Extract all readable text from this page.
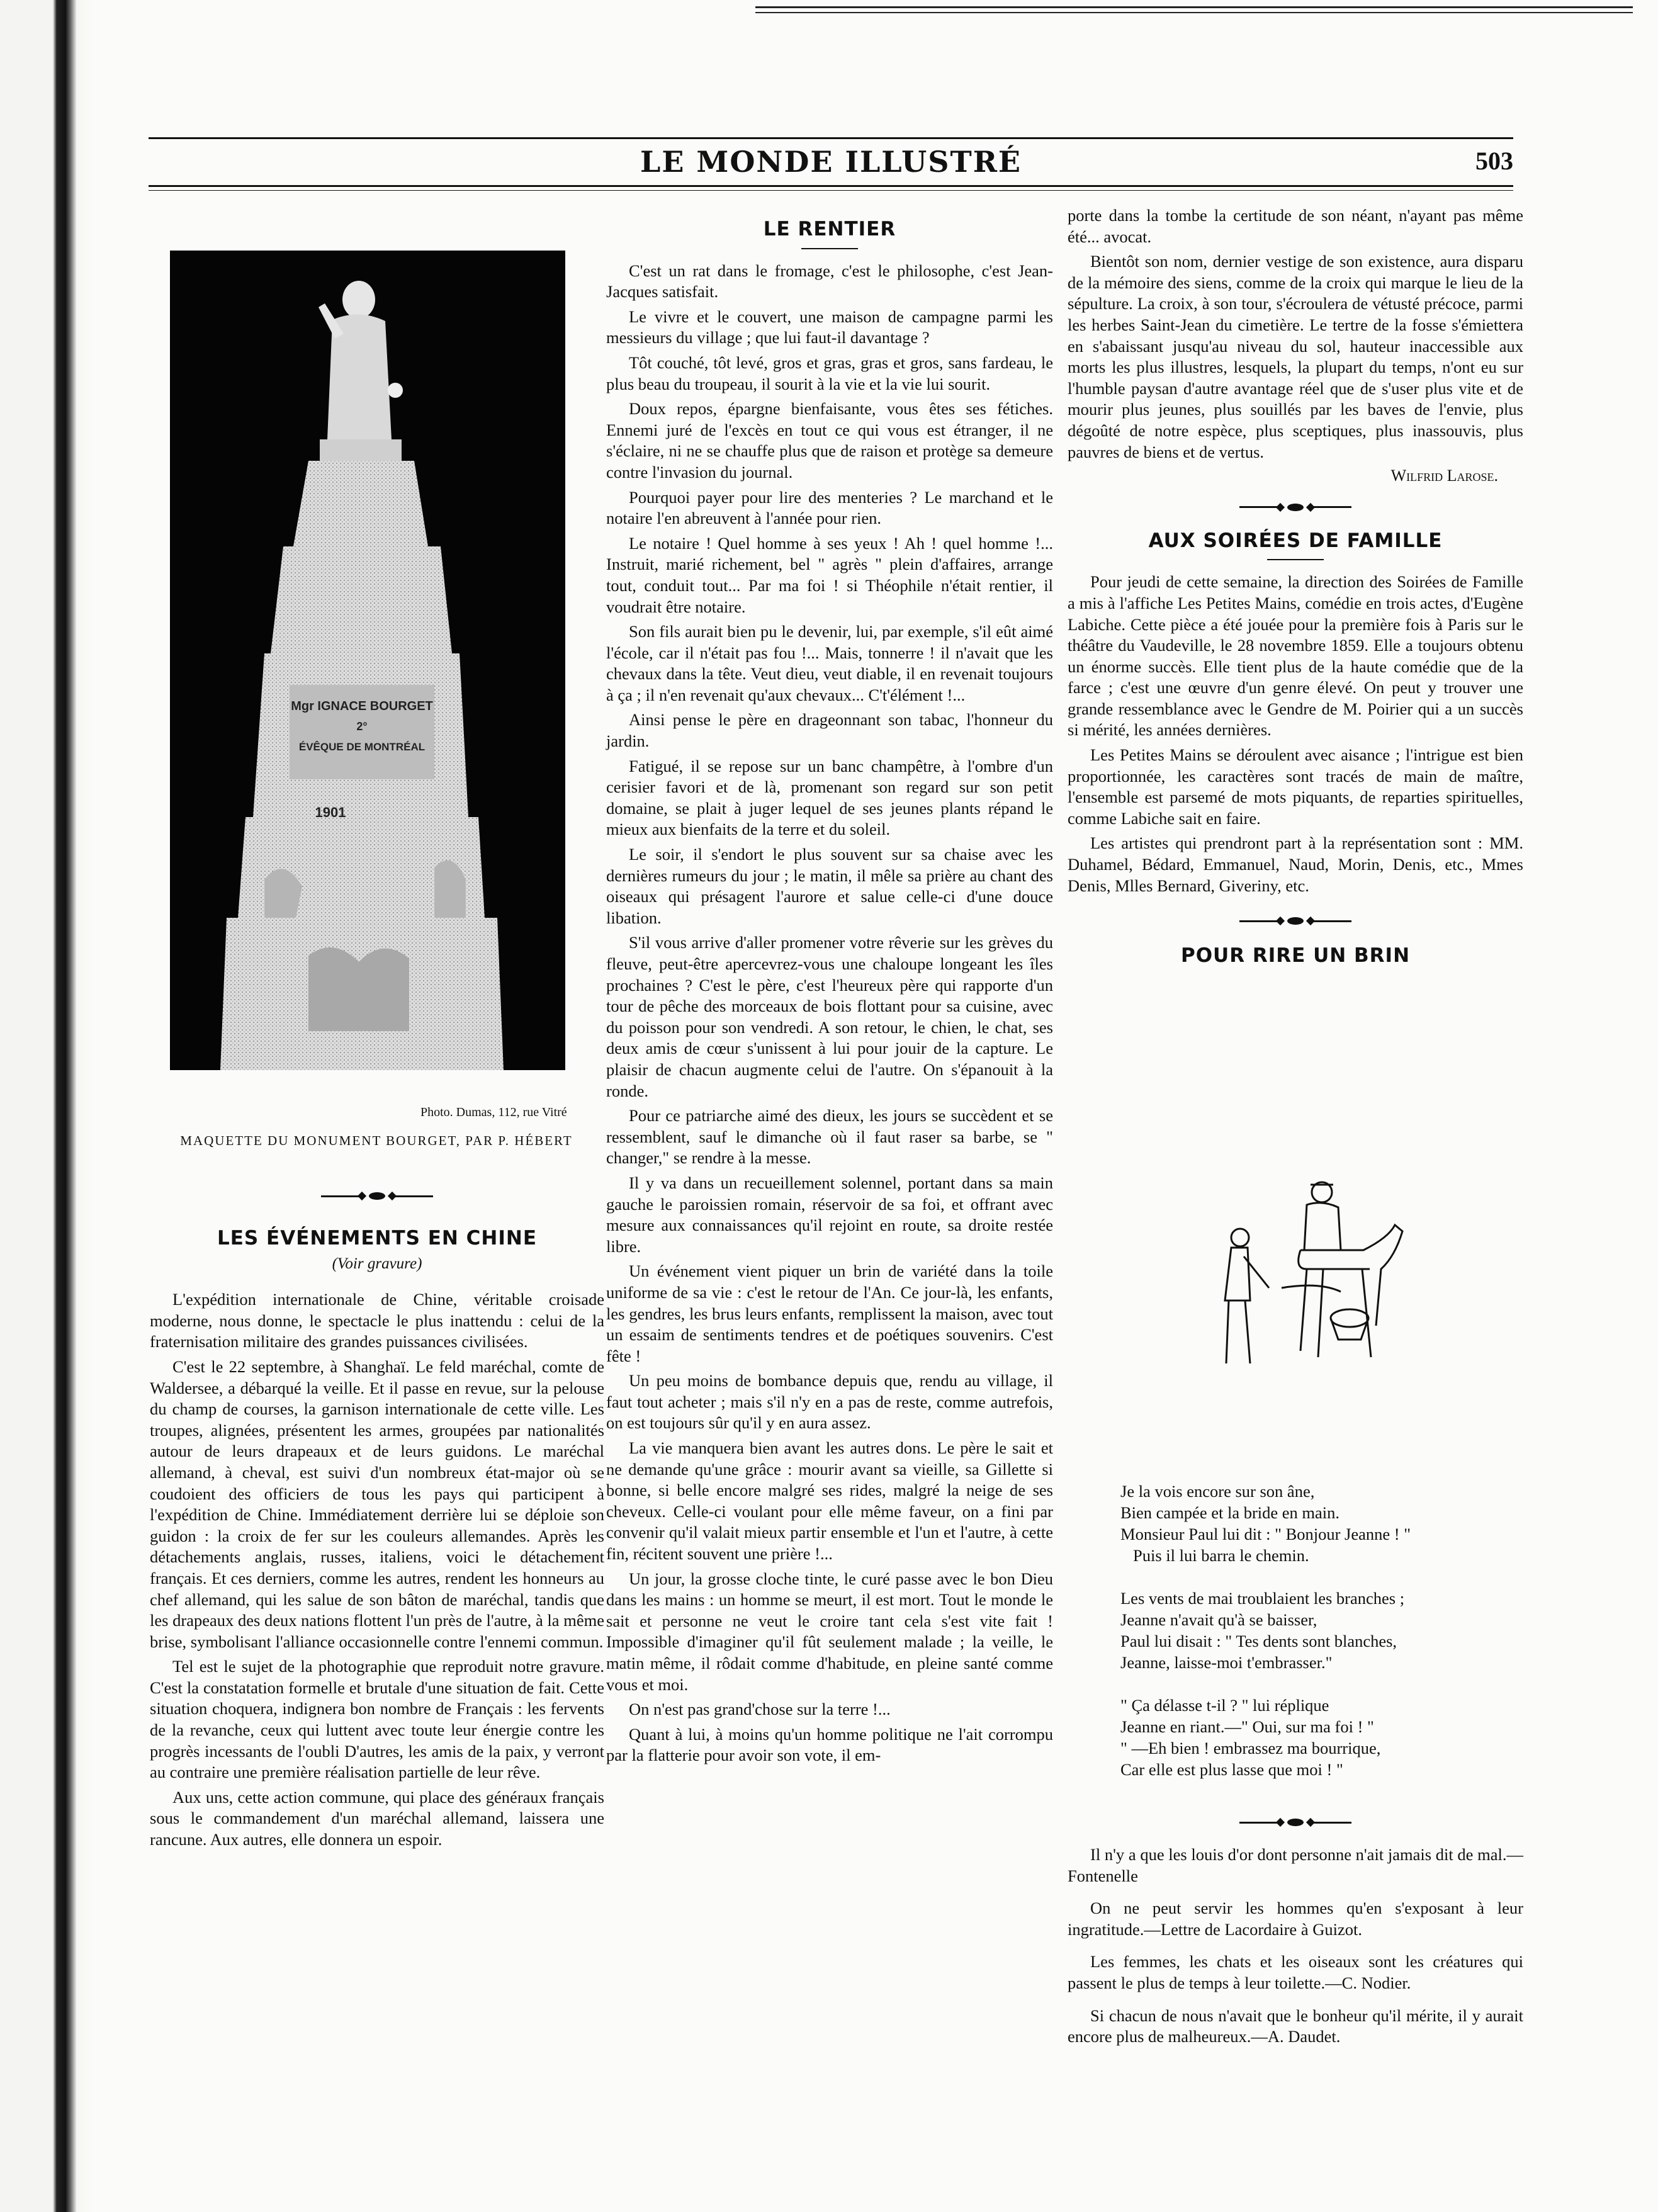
LE MONDE ILLUSTRÉ	503
Mgr IGNACE BOURGET
2°
ÉVÊQUE DE MONTRÉAL
1901
Photo. Dumas, 112, rue Vitré
MAQUETTE DU MONUMENT BOURGET, PAR P. HÉBERT
LES ÉVÉNEMENTS EN CHINE
(Voir gravure)

L'expédition internationale de Chine, véritable croisade moderne, nous donne, le spectacle le plus inattendu : celui de la fraternisation militaire des grandes puissances civilisées.

C'est le 22 septembre, à Shanghaï. Le feld maréchal, comte de Waldersee, a débarqué la veille. Et il passe en revue, sur la pelouse du champ de courses, la garnison internationale de cette ville. Les troupes, alignées, présentent les armes, groupées par nationalités autour de leurs drapeaux et de leurs guidons. Le maréchal allemand, à cheval, est suivi d'un nombreux état-major où se coudoient des officiers de tous les pays qui participent à l'expédition de Chine. Immédiatement derrière lui se déploie son guidon : la croix de fer sur les couleurs allemandes. Après les détachements anglais, russes, italiens, voici le détachement français. Et ces derniers, comme les autres, rendent les honneurs au chef allemand, qui les salue de son bâton de maréchal, tandis que les drapeaux des deux nations flottent l'un près de l'autre, à la même brise, symbolisant l'alliance occasionnelle contre l'ennemi commun.

Tel est le sujet de la photographie que reproduit notre gravure. C'est la constatation formelle et brutale d'une situation de fait. Cette situation choquera, indignera bon nombre de Français : les fervents de la revanche, ceux qui luttent avec toute leur énergie contre les progrès incessants de l'oubli D'autres, les amis de la paix, y verront au contraire une première réalisation partielle de leur rêve.

Aux uns, cette action commune, qui place des généraux français sous le commandement d'un maréchal allemand, laissera une rancune. Aux autres, elle donnera un espoir.

LE RENTIER

C'est un rat dans le fromage, c'est le philosophe, c'est Jean-Jacques satisfait.

Le vivre et le couvert, une maison de campagne parmi les messieurs du village ; que lui faut-il davantage ?

Tôt couché, tôt levé, gros et gras, gras et gros, sans fardeau, le plus beau du troupeau, il sourit à la vie et la vie lui sourit.

Doux repos, épargne bienfaisante, vous êtes ses fétiches. Ennemi juré de l'excès en tout ce qui vous est étranger, il ne s'éclaire, ni ne se chauffe plus que de raison et protège sa demeure contre l'invasion du journal.

Pourquoi payer pour lire des menteries ? Le marchand et le notaire l'en abreuvent à l'année pour rien.

Le notaire ! Quel homme à ses yeux ! Ah ! quel homme !... Instruit, marié richement, bel " agrès " plein d'affaires, arrange tout, conduit tout... Par ma foi ! si Théophile n'était rentier, il voudrait être notaire.

Son fils aurait bien pu le devenir, lui, par exemple, s'il eût aimé l'école, car il n'était pas fou !... Mais, tonnerre ! il n'avait que les chevaux dans la tête. Veut dieu, veut diable, il en revenait toujours à ça ; il n'en revenait qu'aux chevaux... C't'élément !...

Ainsi pense le père en drageonnant son tabac, l'honneur du jardin.

Fatigué, il se repose sur un banc champêtre, à l'ombre d'un cerisier favori et de là, promenant son regard sur son petit domaine, se plait à juger lequel de ses jeunes plants répand le mieux aux bienfaits de la terre et du soleil.

Le soir, il s'endort le plus souvent sur sa chaise avec les dernières rumeurs du jour ; le matin, il mêle sa prière au chant des oiseaux qui présagent l'aurore et salue celle-ci d'une douce libation.

S'il vous arrive d'aller promener votre rêverie sur les grèves du fleuve, peut-être apercevrez-vous une chaloupe longeant les îles prochaines ? C'est le père, c'est l'heureux père qui rapporte d'un tour de pêche des morceaux de bois flottant pour sa cuisine, avec du poisson pour son vendredi. A son retour, le chien, le chat, ses deux amis de cœur s'unissent à lui pour jouir de la capture. Le plaisir de chacun augmente celui de l'autre. On s'épanouit à la ronde.

Pour ce patriarche aimé des dieux, les jours se succèdent et se ressemblent, sauf le dimanche où il faut raser sa barbe, se " changer," se rendre à la messe.

Il y va dans un recueillement solennel, portant dans sa main gauche le paroissien romain, réservoir de sa foi, et offrant avec mesure aux connaissances qu'il rejoint en route, sa droite restée libre.

Un événement vient piquer un brin de variété dans la toile uniforme de sa vie : c'est le retour de l'An. Ce jour-là, les enfants, les gendres, les brus leurs enfants, remplissent la maison, avec tout un essaim de sentiments tendres et de poétiques souvenirs. C'est fête !

Un peu moins de bombance depuis que, rendu au village, il faut tout acheter ; mais s'il n'y en a pas de reste, comme autrefois, on est toujours sûr qu'il y en aura assez.

La vie manquera bien avant les autres dons. Le père le sait et ne demande qu'une grâce : mourir avant sa vieille, sa Gillette si bonne, si belle encore malgré ses rides, malgré la neige de ses cheveux. Celle-ci voulant pour elle même faveur, on a fini par convenir qu'il valait mieux partir ensemble et l'un et l'autre, à cette fin, récitent souvent une prière !...

Un jour, la grosse cloche tinte, le curé passe avec le bon Dieu dans les mains : un homme se meurt, il est mort. Tout le monde le sait et personne ne veut le croire tant cela s'est vite fait ! Impossible d'imaginer qu'il fût seulement malade ; la veille, le matin même, il rôdait comme d'habitude, en pleine santé comme vous et moi.

On n'est pas grand'chose sur la terre !...

Quant à lui, à moins qu'un homme politique ne l'ait corrompu par la flatterie pour avoir son vote, il em-

porte dans la tombe la certitude de son néant, n'ayant pas même été... avocat.

Bientôt son nom, dernier vestige de son existence, aura disparu de la mémoire des siens, comme de la croix qui marque le lieu de la sépulture. La croix, à son tour, s'écroulera de vétusté précoce, parmi les herbes Saint-Jean du cimetière. Le tertre de la fosse s'émiettera en s'abaissant jusqu'au niveau du sol, hauteur inaccessible aux morts les plus illustres, lesquels, la plupart du temps, n'ont eu sur l'humble paysan d'autre avantage réel que de s'user plus vite et de mourir plus jeunes, plus souillés par les baves de l'envie, plus dégoûté de notre espèce, plus sceptiques, plus inassouvis, plus pauvres de biens et de vertus.

Wilfrid Larose.
AUX SOIRÉES DE FAMILLE

Pour jeudi de cette semaine, la direction des Soirées de Famille a mis à l'affiche Les Petites Mains, comédie en trois actes, d'Eugène Labiche. Cette pièce a été jouée pour la première fois à Paris sur le théâtre du Vaudeville, le 28 novembre 1859. Elle a toujours obtenu un énorme succès. Elle tient plus de la haute comédie que de la farce ; c'est une œuvre d'un genre élevé. On peut y trouver une grande ressemblance avec le Gendre de M. Poirier qui a un succès si mérité, les années dernières.

Les Petites Mains se déroulent avec aisance ; l'intrigue est bien proportionnée, les caractères sont tracés de main de maître, l'ensemble est parsemé de mots piquants, de reparties spirituelles, comme Labiche sait en faire.

Les artistes qui prendront part à la représentation sont : MM. Duhamel, Bédard, Emmanuel, Naud, Morin, Denis, etc., Mmes Denis, Mlles Bernard, Giveriny, etc.

POUR RIRE UN BRIN

Je la vois encore sur son âne,

Bien campée et la bride en main.

Monsieur Paul lui dit : " Bonjour Jeanne ! "

Puis il lui barra le chemin.

Les vents de mai troublaient les branches ;

Jeanne n'avait qu'à se baisser,

Paul lui disait : " Tes dents sont blanches,

Jeanne, laisse-moi t'embrasser."

" Ça délasse t-il ? " lui réplique

Jeanne en riant.—" Oui, sur ma foi ! "

" —Eh bien ! embrassez ma bourrique,

Car elle est plus lasse que moi ! "

Il n'y a que les louis d'or dont personne n'ait jamais dit de mal.—Fontenelle

On ne peut servir les hommes qu'en s'exposant à leur ingratitude.—Lettre de Lacordaire à Guizot.

Les femmes, les chats et les oiseaux sont les créatures qui passent le plus de temps à leur toilette.—C. Nodier.

Si chacun de nous n'avait que le bonheur qu'il mérite, il y aurait encore plus de malheureux.—A. Daudet.
